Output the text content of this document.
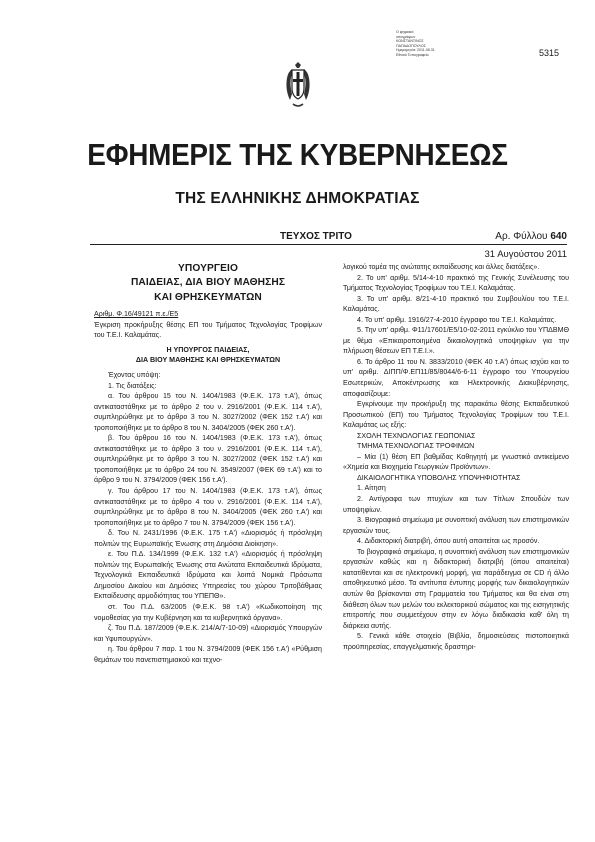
Ο ψηφιακά
υπογράφων
ΚΩΝΣΤΑΝΤΙΝΟΣ
ΠΑΠΑΔΟΠΟΥΛΟΣ
Ημερομηνία: 2011.08.31
Εθνικό Τυπογραφείο	5315
ΕΦΗΜΕΡΙΣ ΤΗΣ ΚΥΒΕΡΝΗΣΕΩΣ
ΤΗΣ ΕΛΛΗΝΙΚΗΣ ΔΗΜΟΚΡΑΤΙΑΣ
ΤΕΥΧΟΣ ΤΡΙΤΟ	Αρ. Φύλλου 640
31 Αυγούστου 2011
ΥΠΟΥΡΓΕΙΟ
ΠΑΙΔΕΙΑΣ, ΔΙΑ ΒΙΟΥ ΜΑΘΗΣΗΣ
ΚΑΙ ΘΡΗΣΚΕΥΜΑΤΩΝ

Αριθμ. Φ.16/49121 π.ε./Ε5

Έγκριση προκήρυξης θέσης ΕΠ του Τμήματος Τεχνολογίας Τροφίμων του Τ.Ε.Ι. Καλαμάτας.

Η ΥΠΟΥΡΓΟΣ ΠΑΙΔΕΙΑΣ,
ΔΙΑ ΒΙΟΥ ΜΑΘΗΣΗΣ ΚΑΙ ΘΡΗΣΚΕΥΜΑΤΩΝ

Έχοντας υπόψη:

1. Τις διατάξεις:

α. Του άρθρου 15 του Ν. 1404/1983 (Φ.Ε.Κ. 173 τ.Α'), όπως αντικαταστάθηκε με το άρθρο 2 του ν. 2916/2001 (Φ.Ε.Κ. 114 τ.Α'), συμπληρώθηκε με το άρθρο 3 του Ν. 3027/2002 (ΦΕΚ 152 τ.Α') και τροποποιήθηκε με το άρθρο 8 του Ν. 3404/2005 (ΦΕΚ 260 τ.Α').

β. Του άρθρου 16 του Ν. 1404/1983 (Φ.Ε.Κ. 173 τ.Α'), όπως αντικαταστάθηκε με το άρθρο 3 του ν. 2916/2001 (Φ.Ε.Κ. 114 τ.Α'), συμπληρώθηκε με το άρθρο 3 του Ν. 3027/2002 (ΦΕΚ 152 τ.Α') και τροποποιήθηκε με το άρθρο 24 του Ν. 3549/2007 (ΦΕΚ 69 τ.Α') και το άρθρο 9 του Ν. 3794/2009 (ΦΕΚ 156 τ.Α').

γ. Του άρθρου 17 του Ν. 1404/1983 (Φ.Ε.Κ. 173 τ.Α'), όπως αντικαταστάθηκε με το άρθρο 4 του ν. 2916/2001 (Φ.Ε.Κ. 114 τ.Α'), συμπληρώθηκε με το άρθρο 8 του Ν. 3404/2005 (ΦΕΚ 260 τ.Α') και τροποποιήθηκε με το άρθρο 7 του Ν. 3794/2009 (ΦΕΚ 156 τ.Α').

δ. Του Ν. 2431/1996 (Φ.Ε.Κ. 175 τ.Α') «Διορισμός ή πρόσληψη πολιτών της Ευρωπαϊκής Ένωσης στη Δημόσια Διοίκηση».

ε. Του Π.Δ. 134/1999 (Φ.Ε.Κ. 132 τ.Α') «Διορισμός ή πρόσληψη πολιτών της Ευρωπαϊκής Ένωσης στα Ανώτατα Εκπαιδευτικά Ιδρύματα, Τεχνολογικά Εκπαιδευτικά Ιδρύματα και λοιπά Νομικά Πρόσωπα Δημοσίου Δικαίου και Δημόσιες Υπηρεσίες του χώρου Τριτοβάθμιας Εκπαίδευσης αρμοδιότητας του ΥΠΕΠΘ».

στ. Του Π.Δ. 63/2005 (Φ.Ε.Κ. 98 τ.Α') «Κωδικοποίηση της νομοθεσίας για την Κυβέρνηση και τα κυβερνητικά όργανα».

ζ. Του Π.Δ. 187/2009 (Φ.Ε.Κ. 214/Α/7-10-09) «Διορισμός Υπουργών και Υφυπουργών».

η. Του άρθρου 7 παρ. 1 του Ν. 3794/2009 (ΦΕΚ 156 τ.Α') «Ρύθμιση θεμάτων του πανεπιστημιακού και τεχνο-

λογικού τομέα της ανώτατης εκπαίδευσης και άλλες διατάξεις».

2. Το υπ' αριθμ. 5/14-4-10 πρακτικό της Γενικής Συνέλευσης του Τμήματος Τεχνολογίας Τροφίμων του Τ.Ε.Ι. Καλαμάτας.

3. Το υπ' αριθμ. 8/21-4-10 πρακτικό του Συμβουλίου του Τ.Ε.Ι. Καλαμάτας.

4. Το υπ' αριθμ. 1916/27-4-2010 έγγραφο του Τ.Ε.Ι. Καλαμάτας.

5. Την υπ' αριθμ. Φ11/17601/Ε5/10-02-2011 εγκύκλιο του ΥΠΔΒΜΘ με θέμα «Επικαιροποιημένα δικαιολογητικά υποψηφίων για την πλήρωση θέσεων ΕΠ Τ.Ε.Ι.».

6. Το άρθρο 11 του Ν. 3833/2010 (ΦΕΚ 40 τ.Α') όπως ισχύει και το υπ' αριθμ. ΔΙΠΠ/Φ.ΕΠ11/85/8044/6-6-11 έγγραφο του Υπουργείου Εσωτερικών, Αποκέντρωσης και Ηλεκτρονικής Διακυβέρνησης, αποφασίζουμε:

Εγκρίνουμε την προκήρυξη της παρακάτω θέσης Εκπαιδευτικού Προσωπικού (ΕΠ) του Τμήματος Τεχνολογίας Τροφίμων του Τ.Ε.Ι. Καλαμάτας ως εξής:

ΣΧΟΛΗ ΤΕΧΝΟΛΟΓΙΑΣ ΓΕΩΠΟΝΙΑΣ

ΤΜΗΜΑ ΤΕΧΝΟΛΟΓΙΑΣ ΤΡΟΦΙΜΩΝ

– Μία (1) θέση ΕΠ βαθμίδας Καθηγητή με γνωστικό αντικείμενο «Χημεία και Βιοχημεία Γεωργικών Προϊόντων».

ΔΙΚΑΙΟΛΟΓΗΤΙΚΑ ΥΠΟΒΟΛΗΣ ΥΠΟΨΗΦΙΟΤΗΤΑΣ

1. Αίτηση

2. Αντίγραφα των πτυχίων και των Τίτλων Σπουδών των υποψηφίων.

3. Βιογραφικό σημείωμα με συνοπτική ανάλυση των επιστημονικών εργασιών τους.

4. Διδακτορική διατριβή, όπου αυτή απαιτείται ως προσόν.

Το βιογραφικό σημείωμα, η συνοπτική ανάλυση των επιστημονικών εργασιών καθώς και η διδακτορική διατριβή (όπου απαιτείται) κατατίθενται και σε ηλεκτρονική μορφή, για παράδειγμα σε CD ή άλλο αποθηκευτικό μέσο. Τα αντίτυπα έντυπης μορφής των δικαιολογητικών αυτών θα βρίσκονται στη Γραμματεία του Τμήματος και θα είναι στη διάθεση όλων των μελών του εκλεκτορικού σώματος και της εισηγητικής επιτροπής που συμμετέχουν στην εν λόγω διαδικασία καθ' όλη τη διάρκεια αυτής.

5. Γενικά κάθε στοιχείο (Βιβλία, δημοσιεύσεις πιστοποιητικά προϋπηρεσίας, επαγγελματικής δραστηρι-
